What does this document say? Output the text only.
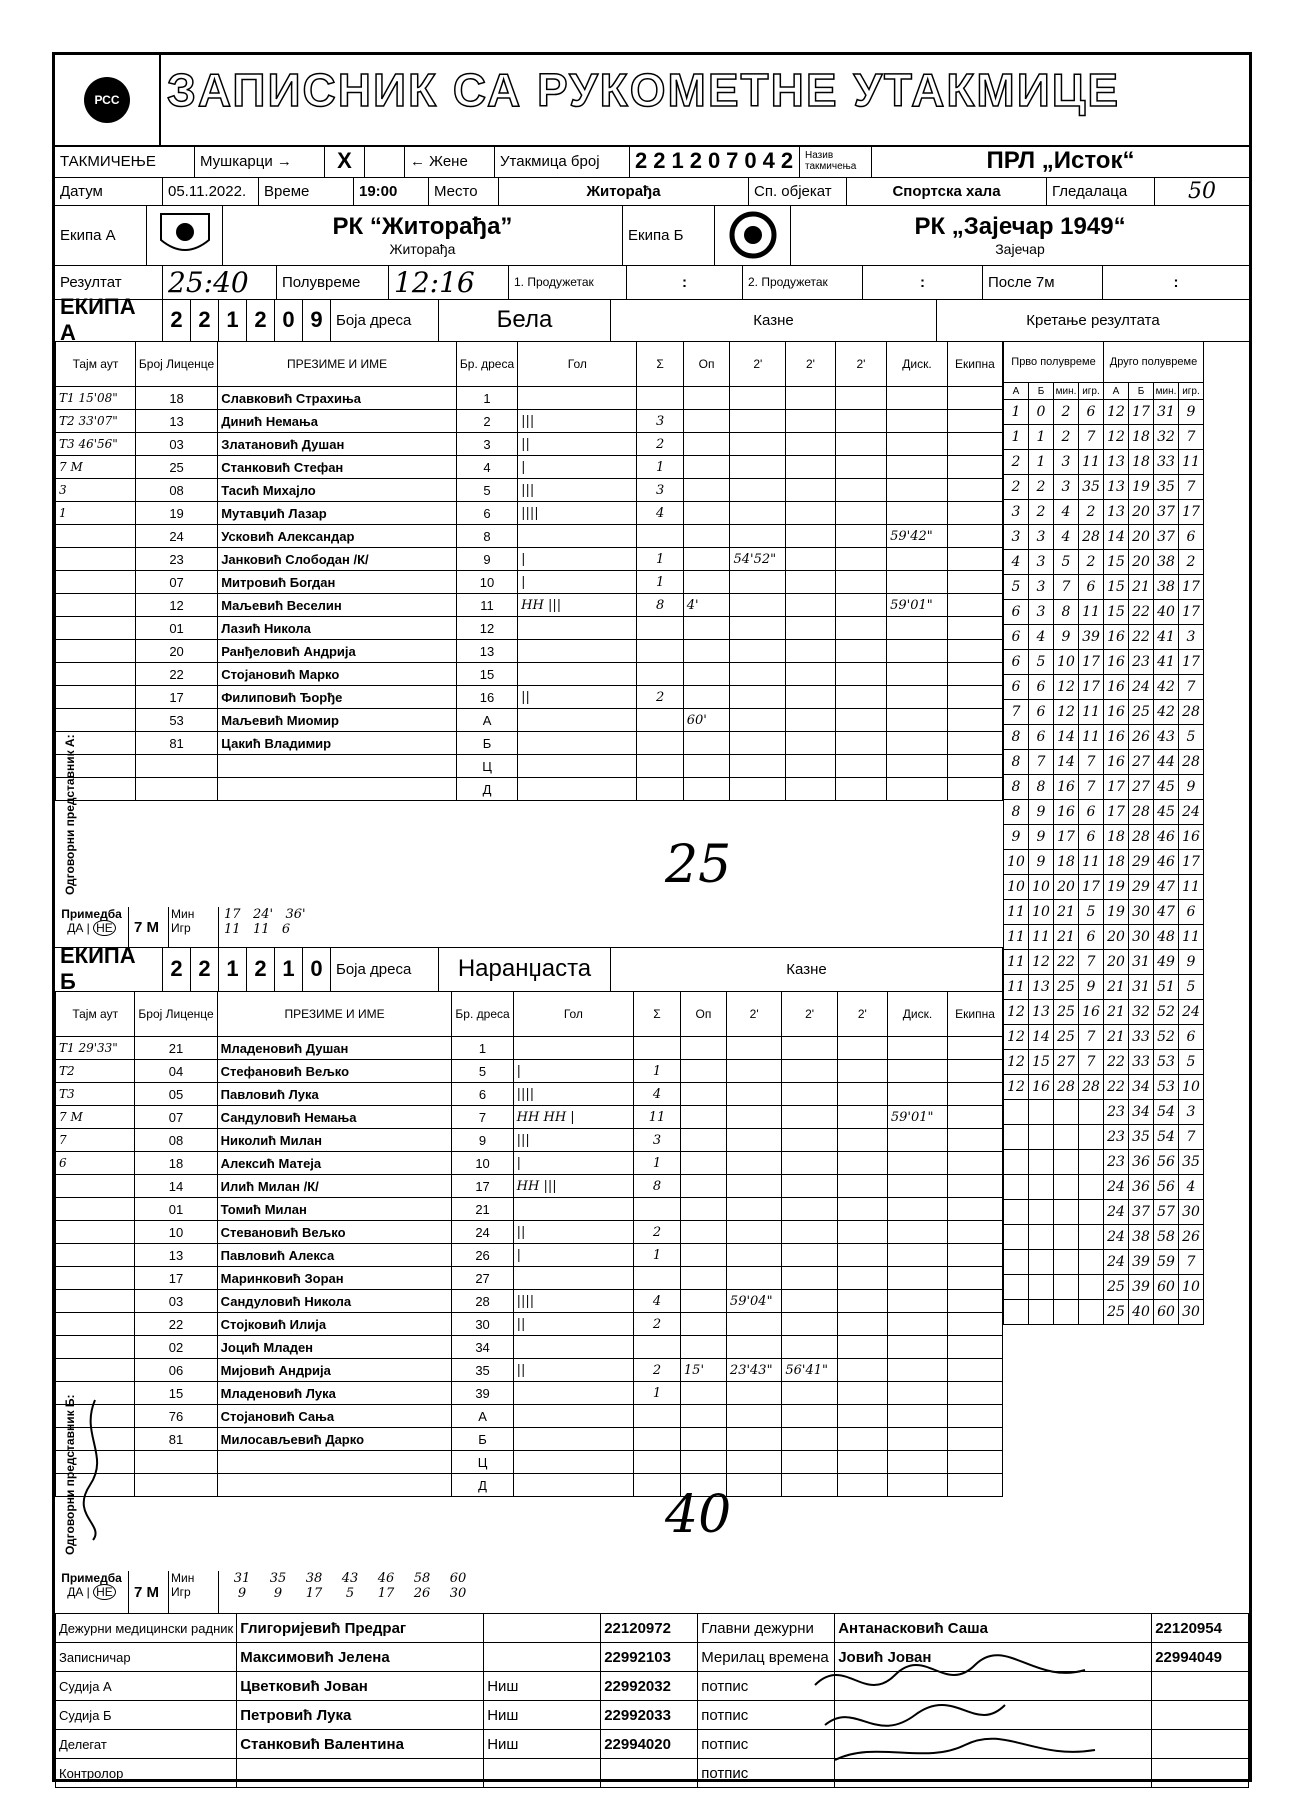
РСС ЗАПИСНИК СА РУКОМЕТНЕ УТАКМИЦЕ
ТАКМИЧЕЊЕ	Мушкарци →	X	← Жене	Утакмица број	221207042 Назив такмичења	ПРЛ „Исток“
Датум	05.11.2022.	Време	19:00	Место	Житорађа	Сп. објекат	Спортска хала	Гледалаца	50
Екипа А	РК “Житорађа”
Житорађа
Екипа Б	РК „Зајечар 1949“
Зајечар
Резултат	25:40	Полувреме	12:16	1. Продужетак	:	2. Продужетак	:	После 7м	:
ЕКИПА А
2 2 1 2 0 9 Боја дреса	Бела	Казне	Кретање резултата
Тајм аут	Број Лиценце	ПРЕЗИМЕ И ИМЕ	Бр. дреса	Гол	Σ	Оп	2'	2'	2'	Диск.	Екипна
T1 15'08"	18	Славковић Страхиња	1								
T2 33'07"	13	Динић Немања	2	|||	3						
T3 46'56"	03	Златановић Душан	3	||	2						
7 M	25	Станковић Стефан	4	|	1						
3	08	Тасић Михајло	5	|||	3						
1	19	Мутавџић Лазар	6	||||	4						
	24	Усковић Александар	8							59'42"	
	23	Јанковић Слободан /К/	9	|	1		54'52"				
	07	Митровић Богдан	10	|	1						
	12	Маљевић Веселин	11	HH |||	8	4'				59'01"	
	01	Лазић Никола	12								
	20	Ранђеловић Андрија	13								
	22	Стојановић Марко	15								
	17	Филиповић Ђорђе	16	||	2						
	53	Маљевић Миомир	А			60'					
	81	Цакић Владимир	Б								
			Ц								
			Д								
Примедба
ДА | НЕ	7 M
Мин
Игр
17 24' 36'
11 11 6
ЕКИПА Б
2 2 1 2 1 0 Боја дреса	Наранџаста	Казне
Тајм аут	Број Лиценце	ПРЕЗИМЕ И ИМЕ	Бр. дреса	Гол	Σ	Оп	2'	2'	2'	Диск.	Екипна
T1 29'33"	21	Младеновић Душан	1								
T2	04	Стефановић Вељко	5	|	1						
T3	05	Павловић Лука	6	||||	4						
7 M	07	Сандуловић Немања	7	HH HH |	11					59'01"	
7	08	Николић Милан	9	|||	3						
6	18	Алексић Матеја	10	|	1						
	14	Илић Милан /К/	17	HH |||	8						
	01	Томић Милан	21								
	10	Стевановић Вељко	24	||	2						
	13	Павловић Алекса	26	|	1						
	17	Маринковић Зоран	27								
	03	Сандуловић Никола	28	||||	4		59'04"				
	22	Стојковић Илија	30	||	2						
	02	Јоцић Младен	34								
	06	Мијовић Андрија	35	||	2	15'	23'43"	56'41"			
	15	Младеновић Лука	39		1						
	76	Стојановић Сања	А								
	81	Милосављевић Дарко	Б								
			Ц								
			Д								
Примедба
ДА | НЕ	7 M
Мин
Игр
31 35 38 43 46 58 60
9 9 17 5 17 26 30
Прво полувреме				Друго полувреме			
А	Б	мин.	игр.	А	Б	мин.	игр.
1	0	2	6	12	17	31	9
1	1	2	7	12	18	32	7
2	1	3	11	13	18	33	11
2	2	3	35	13	19	35	7
3	2	4	2	13	20	37	17
3	3	4	28	14	20	37	6
4	3	5	2	15	20	38	2
5	3	7	6	15	21	38	17
6	3	8	11	15	22	40	17
6	4	9	39	16	22	41	3
6	5	10	17	16	23	41	17
6	6	12	17	16	24	42	7
7	6	12	11	16	25	42	28
8	6	14	11	16	26	43	5
8	7	14	7	16	27	44	28
8	8	16	7	17	27	45	9
8	9	16	6	17	28	45	24
9	9	17	6	18	28	46	16
10	9	18	11	18	29	46	17
10	10	20	17	19	29	47	11
11	10	21	5	19	30	47	6
11	11	21	6	20	30	48	11
11	12	22	7	20	31	49	9
11	13	25	9	21	31	51	5
12	13	25	16	21	32	52	24
12	14	25	7	21	33	52	6
12	15	27	7	22	33	53	5
12	16	28	28	22	34	53	10
				23	34	54	3
				23	35	54	7
				23	36	56	35
				24	36	56	4
				24	37	57	30
				24	38	58	26
				24	39	59	7
				25	39	60	10
				25	40	60	30
Дежурни медицински радник	Глигоријевић Предраг		22120972	Главни дежурни	Антанасковић Саша	22120954
Записничар	Максимовић Јелена		22992103	Мерилац времена	Јовић Јован	22994049
Судија А	Цветковић Јован	Ниш	22992032	потпис		
Судија Б	Петровић Лука	Ниш	22992033	потпис		
Делегат	Станковић Валентина	Ниш	22994020	потпис		
Контролор				потпис		
Одговорни представник А:
Одговорни представник Б:
25
40
